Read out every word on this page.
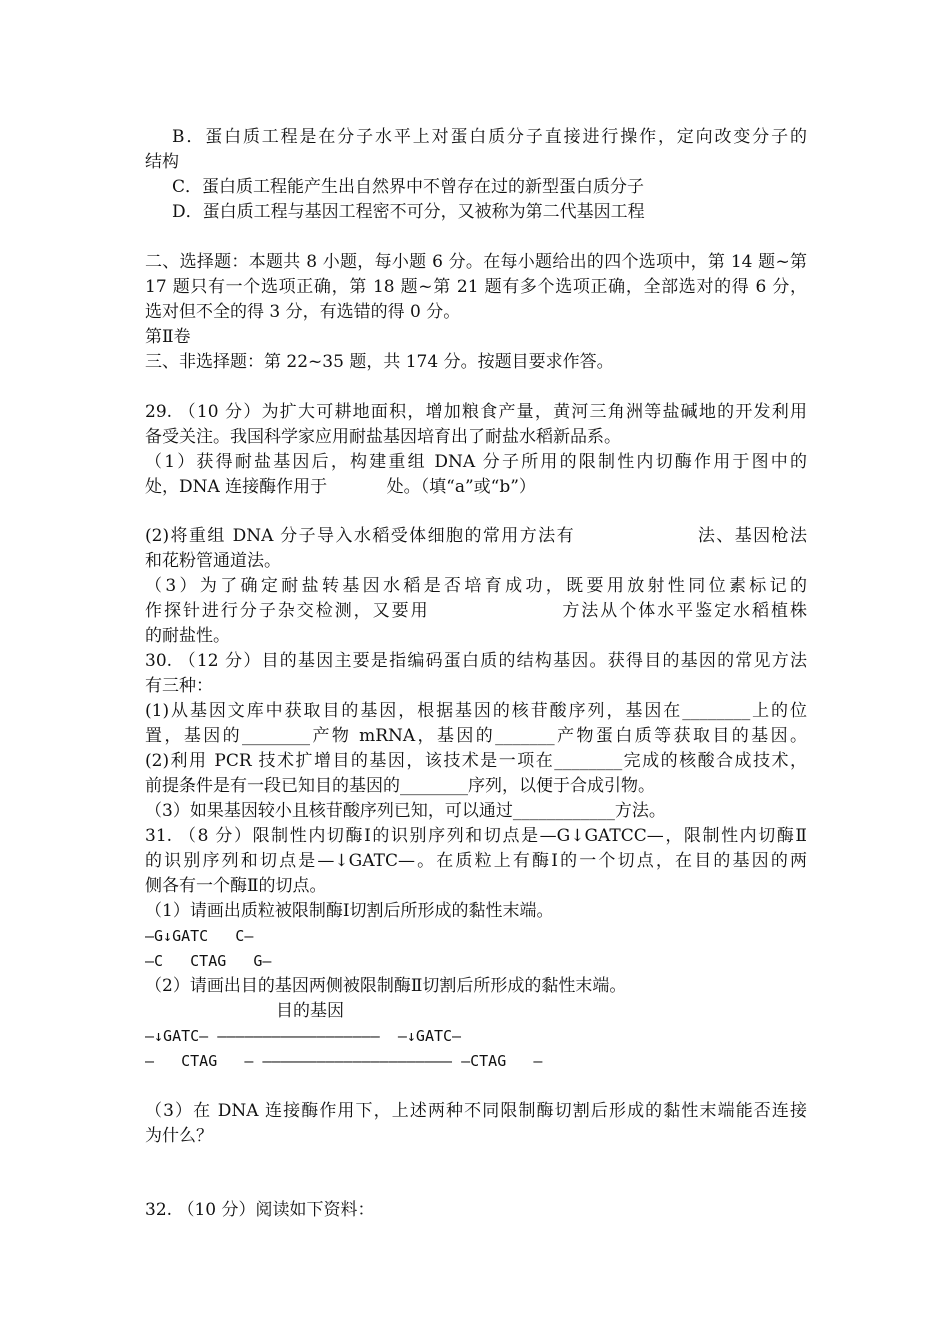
B．蛋白质工程是在分子水平上对蛋白质分子直接进行操作，定向改变分子的
结构
C．蛋白质工程能产生出自然界中不曾存在过的新型蛋白质分子
D．蛋白质工程与基因工程密不可分，又被称为第二代基因工程
二、选择题：本题共 8 小题，每小题 6 分。在每小题给出的四个选项中，第 14 题~第
17 题只有一个选项正确，第 18 题~第 21 题有多个选项正确，全部选对的得 6 分，
选对但不全的得 3 分，有选错的得 0 分。
第Ⅱ卷
三、非选择题：第 22~35 题，共 174 分。按题目要求作答。
29. （10 分）为扩大可耕地面积，增加粮食产量，黄河三角洲等盐碱地的开发利用
备受关注。我国科学家应用耐盐基因培育出了耐盐水稻新品系。
（1）获得耐盐基因后，构建重组 DNA 分子所用的限制性内切酶作用于图中的
处，DNA 连接酶作用于           处。（填“a”或“b”）
(2)将重组 DNA 分子导入水稻受体细胞的常用方法有                  法、基因枪法
和花粉管通道法。
（3）为了确定耐盐转基因水稻是否培育成功，既要用放射性同位素标记的
作探针进行分子杂交检测，又要用                  方法从个体水平鉴定水稻植株
的耐盐性。
30. （12 分）目的基因主要是指编码蛋白质的结构基因。获得目的基因的常见方法
有三种：
(1)从基因文库中获取目的基因，根据基因的核苷酸序列，基因在________上的位
置，基因的________产物 mRNA，基因的_______产物蛋白质等获取目的基因。
(2)利用 PCR 技术扩增目的基因，该技术是一项在________完成的核酸合成技术，
前提条件是有一段已知目的基因的________序列，以便于合成引物。
（3）如果基因较小且核苷酸序列已知，可以通过____________方法。
31. （8 分）限制性内切酶Ⅰ的识别序列和切点是—G↓GATCC—，限制性内切酶Ⅱ
的识别序列和切点是—↓GATC—。在质粒上有酶Ⅰ的一个切点，在目的基因的两
侧各有一个酶Ⅱ的切点。
（1）请画出质粒被限制酶Ⅰ切割后所形成的黏性末端。
—G↓GATC   C—
—C   CTAG   G—
（2）请画出目的基因两侧被限制酶Ⅱ切割后所形成的黏性末端。
目的基因
—↓GATC— ——————————————————  —↓GATC—
—   CTAG   — ————————————————————— —CTAG   —
（3）在 DNA 连接酶作用下，上述两种不同限制酶切割后形成的黏性末端能否连接
为什么？
32. （10 分）阅读如下资料：
